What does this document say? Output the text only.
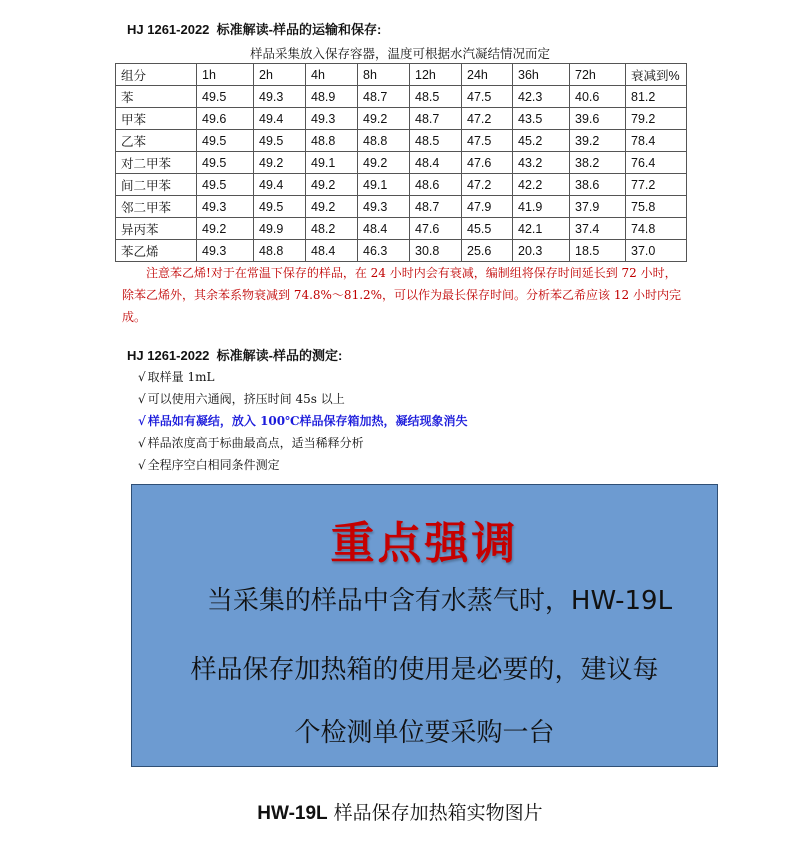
HJ 1261-2022 标准解读-样品的运输和保存:
样品采集放入保存容器，温度可根据水汽凝结情况而定
组分	1h	2h	4h	8h	12h	24h	36h	72h	衰减到%
苯	49.5	49.3	48.9	48.7	48.5	47.5	42.3	40.6	81.2
甲苯	49.6	49.4	49.3	49.2	48.7	47.2	43.5	39.6	79.2
乙苯	49.5	49.5	48.8	48.8	48.5	47.5	45.2	39.2	78.4
对二甲苯	49.5	49.2	49.1	49.2	48.4	47.6	43.2	38.2	76.4
间二甲苯	49.5	49.4	49.2	49.1	48.6	47.2	42.2	38.6	77.2
邻二甲苯	49.3	49.5	49.2	49.3	48.7	47.9	41.9	37.9	75.8
异丙苯	49.2	49.9	48.2	48.4	47.6	45.5	42.1	37.4	74.8
苯乙烯	49.3	48.8	48.4	46.3	30.8	25.6	20.3	18.5	37.0
注意苯乙烯!对于在常温下保存的样品，在 24 小时内会有衰减，编制组将保存时间延长到 72 小时，除苯乙烯外，其余苯系物衰减到 74.8%～81.2%，可以作为最长保存时间。分析苯乙希应该 12 小时内完成。
HJ 1261-2022 标准解读-样品的测定:
√ 取样量 1mL
√ 可以使用六通阀，挤压时间 45s 以上
√ 样品如有凝结，放入 100℃样品保存箱加热，凝结现象消失
√ 样品浓度高于标曲最高点，适当稀释分析
√ 全程序空白相同条件测定
重点强调
当采集的样品中含有水蒸气时，HW-19L
样品保存加热箱的使用是必要的，建议每
个检测单位要采购一台
HW-19L 样品保存加热箱实物图片
